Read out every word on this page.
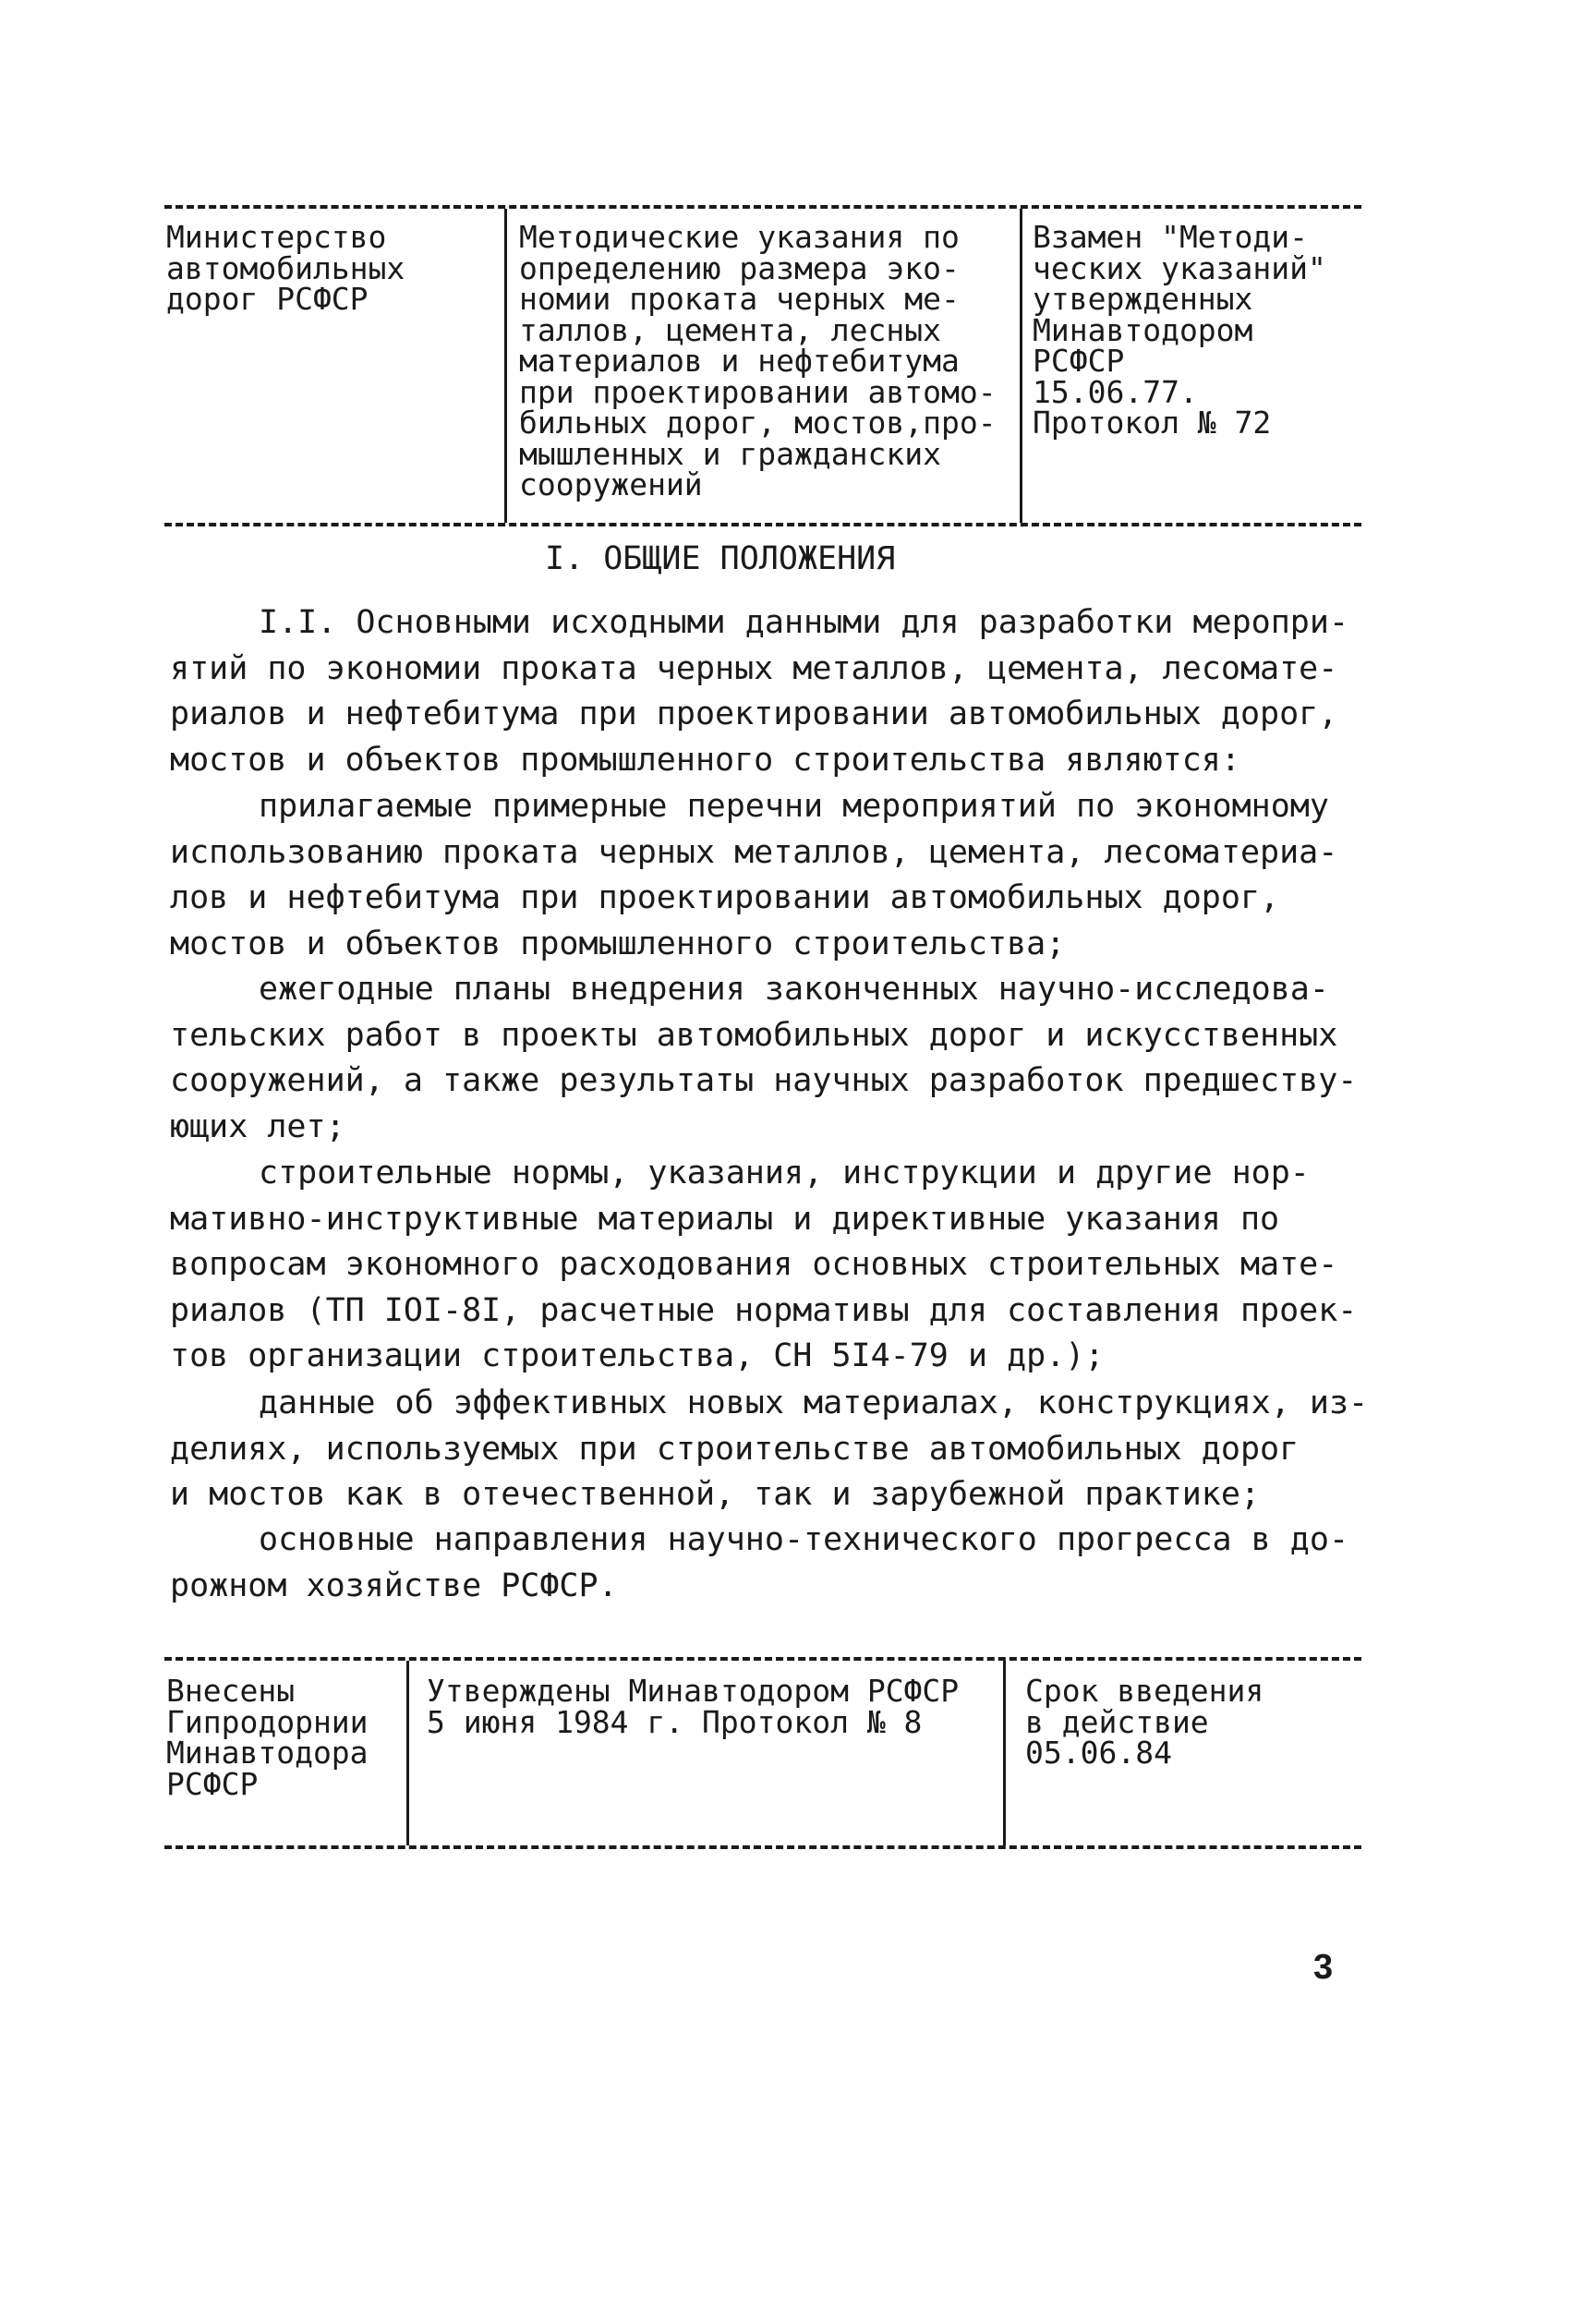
Министерство
автомобильных
дорог РСФСР

Методические указания по
определению размера эко-
номии проката черных ме-
таллов, цемента, лесных
материалов и нефтебитума
при проектировании автомо-
бильных дорог, мостов,про-
мышленных и гражданских
сооружений

Взамен "Методи-
ческих указаний"
утвержденных
Минавтодором
РСФСР
15.06.77.
Протокол № 72

I. ОБЩИЕ ПОЛОЖЕНИЯ

I.I. Основными исходными данными для разработки меропри-
ятий по экономии проката черных металлов, цемента, лесомате-
риалов и нефтебитума при проектировании автомобильных дорог,
мостов и объектов промышленного строительства являются:

прилагаемые примерные перечни мероприятий по экономному
использованию проката черных металлов, цемента, лесоматериа-
лов и нефтебитума при проектировании автомобильных дорог,
мостов и объектов промышленного строительства;

ежегодные планы внедрения законченных научно-исследова-
тельских работ в проекты автомобильных дорог и искусственных
сооружений, а также результаты научных разработок предшеству-
ющих лет;

строительные нормы, указания, инструкции и другие нор-
мативно-инструктивные материалы и директивные указания по
вопросам экономного расходования основных строительных мате-
риалов (ТП IOI-8I, расчетные нормативы для составления проек-
тов организации строительства, СН 5I4-79 и др.);

данные об эффективных новых материалах, конструкциях, из-
делиях, используемых при строительстве автомобильных дорог
и мостов как в отечественной, так и зарубежной практике;

основные направления научно-технического прогресса в до-
рожном хозяйстве РСФСР.

Внесены
Гипродорнии
Минавтодора
РСФСР

Утверждены Минавтодором РСФСР
5 июня 1984 г. Протокол № 8

Срок введения
в действие
05.06.84

3
